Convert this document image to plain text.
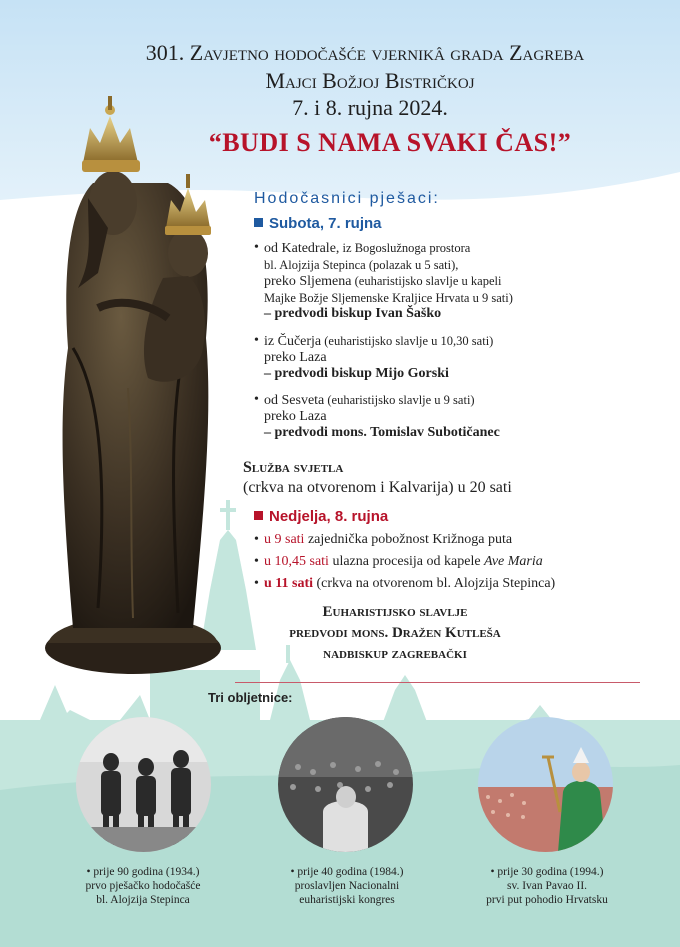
301. Zavjetno hodočašće vjernikâ grada Zagreba
Majci Božjoj Bistričkoj
7. i 8. rujna 2024.
“BUDI S NAMA SVAKI ČAS!”
Hodočasnici pješaci:
Subota, 7. rujna
• od Katedrale, iz Bogoslužnoga prostora
bl. Alojzija Stepinca (polazak u 5 sati),
preko Sljemena (euharistijsko slavlje u kapeli
Majke Božje Sljemenske Kraljice Hrvata u 9 sati)
– predvodi biskup Ivan Šaško
• iz Čučerja (euharistijsko slavlje u 10,30 sati)
preko Laza
– predvodi biskup Mijo Gorski
• od Sesveta (euharistijsko slavlje u 9 sati)
preko Laza
– predvodi mons. Tomislav Subotičanec
Služba svjetla
(crkva na otvorenom i Kalvarija) u 20 sati
Nedjelja, 8. rujna
• u 9 sati zajednička pobožnost Križnoga puta
• u 10,45 sati ulazna procesija od kapele Ave Maria
• u 11 sati (crkva na otvorenom bl. Alojzija Stepinca)
Euharistijsko slavlje
predvodi mons. Dražen Kutleša
nadbiskup zagrebački
Tri obljetnice:
• prije 90 godina (1934.)
prvo pješačko hodočašće
bl. Alojzija Stepinca
• prije 40 godina (1984.)
proslavljen Nacionalni
euharistijski kongres
• prije 30 godina (1994.)
sv. Ivan Pavao II.
prvi put pohodio Hrvatsku
